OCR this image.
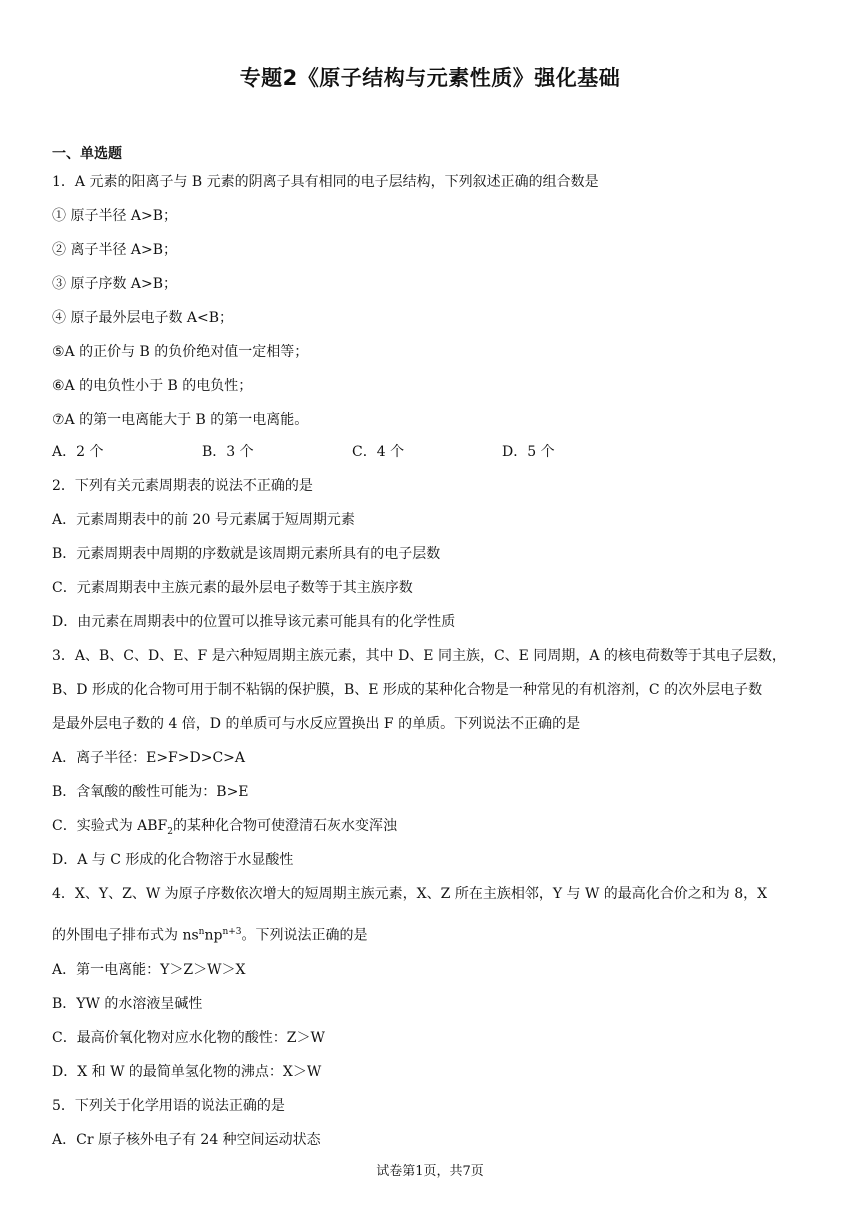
专题2《原子结构与元素性质》强化基础
一、单选题
1．A 元素的阳离子与 B 元素的阴离子具有相同的电子层结构，下列叙述正确的组合数是
① 原子半径 A>B；
② 离子半径 A>B；
③ 原子序数 A>B；
④ 原子最外层电子数 A<B；
⑤A 的正价与 B 的负价绝对值一定相等；
⑥A 的电负性小于 B 的电负性；
⑦A 的第一电离能大于 B 的第一电离能。
A．2 个	B．3 个	C．4 个	D．5 个
2．下列有关元素周期表的说法不正确的是
A．元素周期表中的前 20 号元素属于短周期元素
B．元素周期表中周期的序数就是该周期元素所具有的电子层数
C．元素周期表中主族元素的最外层电子数等于其主族序数
D．由元素在周期表中的位置可以推导该元素可能具有的化学性质
3．A、B、C、D、E、F 是六种短周期主族元素，其中 D、E 同主族，C、E 同周期，A 的核电荷数等于其电子层数，
B、D 形成的化合物可用于制不粘锅的保护膜，B、E 形成的某种化合物是一种常见的有机溶剂，C 的次外层电子数
是最外层电子数的 4 倍，D 的单质可与水反应置换出 F 的单质。下列说法不正确的是
A．离子半径：E>F>D>C>A
B．含氧酸的酸性可能为：B>E
C．实验式为 $ABF_2$的某种化合物可使澄清石灰水变浑浊
D．A 与 C 形成的化合物溶于水显酸性
4．X、Y、Z、W 为原子序数依次增大的短周期主族元素，X、Z 所在主族相邻，Y 与 W 的最高化合价之和为 8，X
的外围电子排布式为 $ns^nnp^{n+3}$。下列说法正确的是
A．第一电离能：Y＞Z＞W＞X
B．YW 的水溶液呈碱性
C．最高价氧化物对应水化物的酸性：Z＞W
D．X 和 W 的最简单氢化物的沸点：X＞W
5．下列关于化学用语的说法正确的是
A．Cr 原子核外电子有 24 种空间运动状态
试卷第1页，共7页
